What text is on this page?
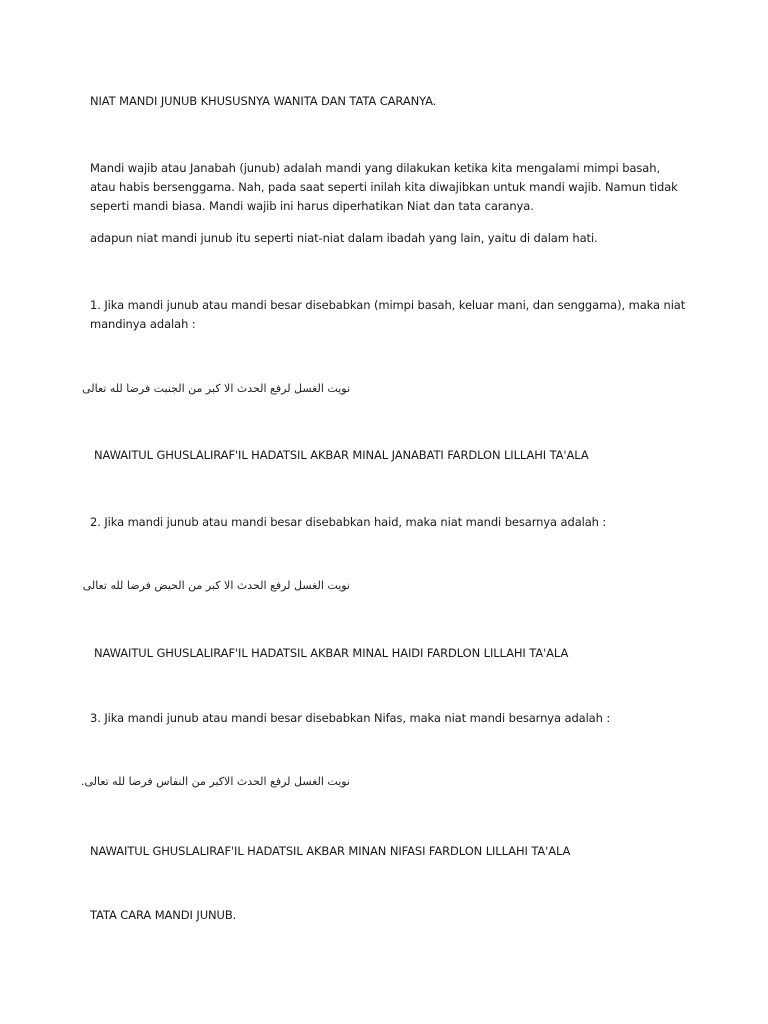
NIAT MANDI JUNUB KHUSUSNYA WANITA DAN TATA CARANYA.
Mandi wajib atau Janabah (junub) adalah mandi yang dilakukan ketika kita mengalami mimpi basah,
atau habis bersenggama. Nah, pada saat seperti inilah kita diwajibkan untuk mandi wajib. Namun tidak
seperti mandi biasa. Mandi wajib ini harus diperhatikan Niat dan tata caranya.
adapun niat mandi junub itu seperti niat-niat dalam ibadah yang lain, yaitu di dalam hati.
1. Jika mandi junub atau mandi besar disebabkan (mimpi basah, keluar mani, dan senggama), maka niat
mandinya adalah :
نويت الغسل لرفع الحدث الا كبر من الجنبت فرضا لله تعالى
NAWAITUL GHUSLALIRAF'IL HADATSIL AKBAR MINAL JANABATI FARDLON LILLAHI TA'ALA
2. Jika mandi junub atau mandi besar disebabkan haid, maka niat mandi besarnya adalah :
نويت الغسل لرفع الحدث الا كبر من الحيض فرضا لله تعالى
NAWAITUL GHUSLALIRAF'IL HADATSIL AKBAR MINAL HAIDI FARDLON LILLAHI TA'ALA
3. Jika mandi junub atau mandi besar disebabkan Nifas, maka niat mandi besarnya adalah :
نويت الغسل لرفع الحدث الاكبر من النفاس فرضا لله تعالى.
NAWAITUL GHUSLALIRAF'IL HADATSIL AKBAR MINAN NIFASI FARDLON LILLAHI TA'ALA
TATA CARA MANDI JUNUB.
